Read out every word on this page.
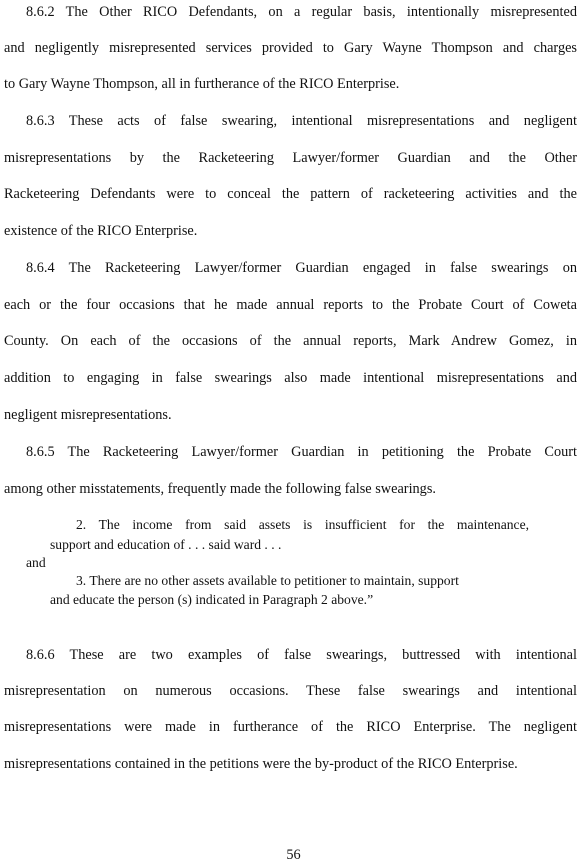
8.6.2 The Other RICO Defendants, on a regular basis, intentionally misrepresented
and negligently misrepresented services provided to Gary Wayne Thompson and charges
to Gary Wayne Thompson, all in furtherance of the RICO Enterprise.
8.6.3 These acts of false swearing, intentional misrepresentations and negligent
misrepresentations by the Racketeering Lawyer/former Guardian and the Other
Racketeering Defendants were to conceal the pattern of racketeering activities and the
existence of the RICO Enterprise.
8.6.4 The Racketeering Lawyer/former Guardian engaged in false swearings on
each or the four occasions that he made annual reports to the Probate Court of Coweta
County. On each of the occasions of the annual reports, Mark Andrew Gomez, in
addition to engaging in false swearings also made intentional misrepresentations and
negligent misrepresentations.
8.6.5 The Racketeering Lawyer/former Guardian in petitioning the Probate Court
among other misstatements, frequently made the following false swearings.
2. The income from said assets is insufficient for the maintenance,
support and education of . . . said ward . . .
and
3. There are no other assets available to petitioner to maintain, support
and educate the person (s) indicated in Paragraph 2 above.”
8.6.6 These are two examples of false swearings, buttressed with intentional
misrepresentation on numerous occasions. These false swearings and intentional
misrepresentations were made in furtherance of the RICO Enterprise. The negligent
misrepresentations contained in the petitions were the by-product of the RICO Enterprise.
56
